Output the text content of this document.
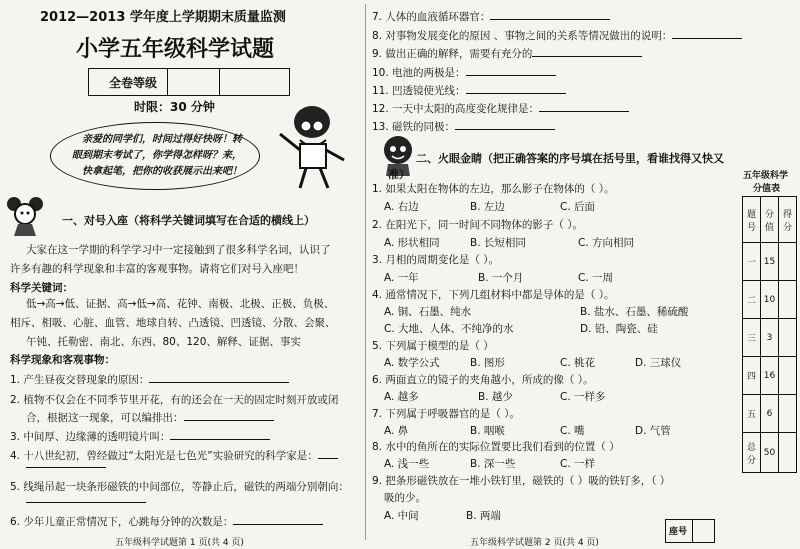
2012—2013 学年度上学期期末质量监测
小学五年级科学试题
全卷等级
时限：30 分钟
亲爱的同学们，时间过得好快呀！转
眼到期末考试了，你学得怎样呀？来，
快拿起笔，把你的收获展示出来吧！
一、对号入座（将科学关键词填写在合适的横线上）
大家在这一学期的科学学习中一定接触到了很多科学名词，认识了
许多有趣的科学现象和丰富的客观事物。请将它们对号入座吧！
科学关键词：
低→高→低、证据、高→低→高、花钟、南极、北极、正极、负极、
相斥、相吸、心脏、血管、地球自转、凸透镜、凹透镜、分散、会聚、
午钝、托勒密、南北、东西、80、120、解释、证据、事实
科学现象和客观事物：
1. 产生昼夜交替现象的原因：
2. 植物不仅会在不同季节里开花，有的还会在一天的固定时刻开放或闭
合，根据这一现象，可以编排出：
3. 中间厚、边缘薄的透明镜片叫：
4. 十八世纪初，曾经做过“太阳光是七色光”实验研究的科学家是：
5. 线绳吊起一块条形磁铁的中间部位，等静止后，磁铁的两端分别朝向：
6. 少年儿童正常情况下，心跳每分钟的次数是：
五年级科学试题第 1 页(共 4 页)
7. 人体的血液循环器官：
8. 对事物发展变化的原因 、事物之间的关系等情况做出的说明：
9. 做出正确的解释，需要有充分的
10. 电池的两极是：
11. 凹透镜使光线：
12. 一天中太阳的高度变化规律是：
13. 磁铁的同极：
二、火眼金睛（把正确答案的序号填在括号里，看谁找得又快又
准）
1. 如果太阳在物体的左边，那么影子在物体的（ ）。
A. 右边	B. 左边	C. 后面
2. 在阳光下，同一时间不同物体的影子（ ）。
A. 形状相同	B. 长短相同	C. 方向相同
3. 月相的周期变化是（ ）。
A. 一年	B. 一个月	C. 一周
4. 通常情况下，下列几组材料中都是导体的是（ ）。
A. 铜、石墨、纯水	B. 盐水、石墨、稀硫酸
C. 大地、人体、不纯净的水	D. 铅、陶瓷、硅
5. 下列属于模型的是（ ）
A. 数学公式	B. 图形	C. 桃花	D. 三球仪
6. 两面直立的镜子的夹角越小，所成的像（ ）。
A. 越多	B. 越少	C. 一样多
7. 下列属于呼吸器官的是（ ）。
A. 鼻	B. 咽喉	C. 嘴	D. 气管
8. 水中的鱼所在的实际位置要比我们看到的位置（ ）
A. 浅一些	B. 深一些	C. 一样
9. 把条形磁铁放在一堆小铁钉里，磁铁的（ ）吸的铁钉多，（ ）
吸的少。
A. 中间	B. 两端
五年级科学试题第 2 页(共 4 页)
座号
五年级科学
分值表
题号	分值	得分
一	15	
二	10	
三	3	
四	16	
五	6	
总分	50	
